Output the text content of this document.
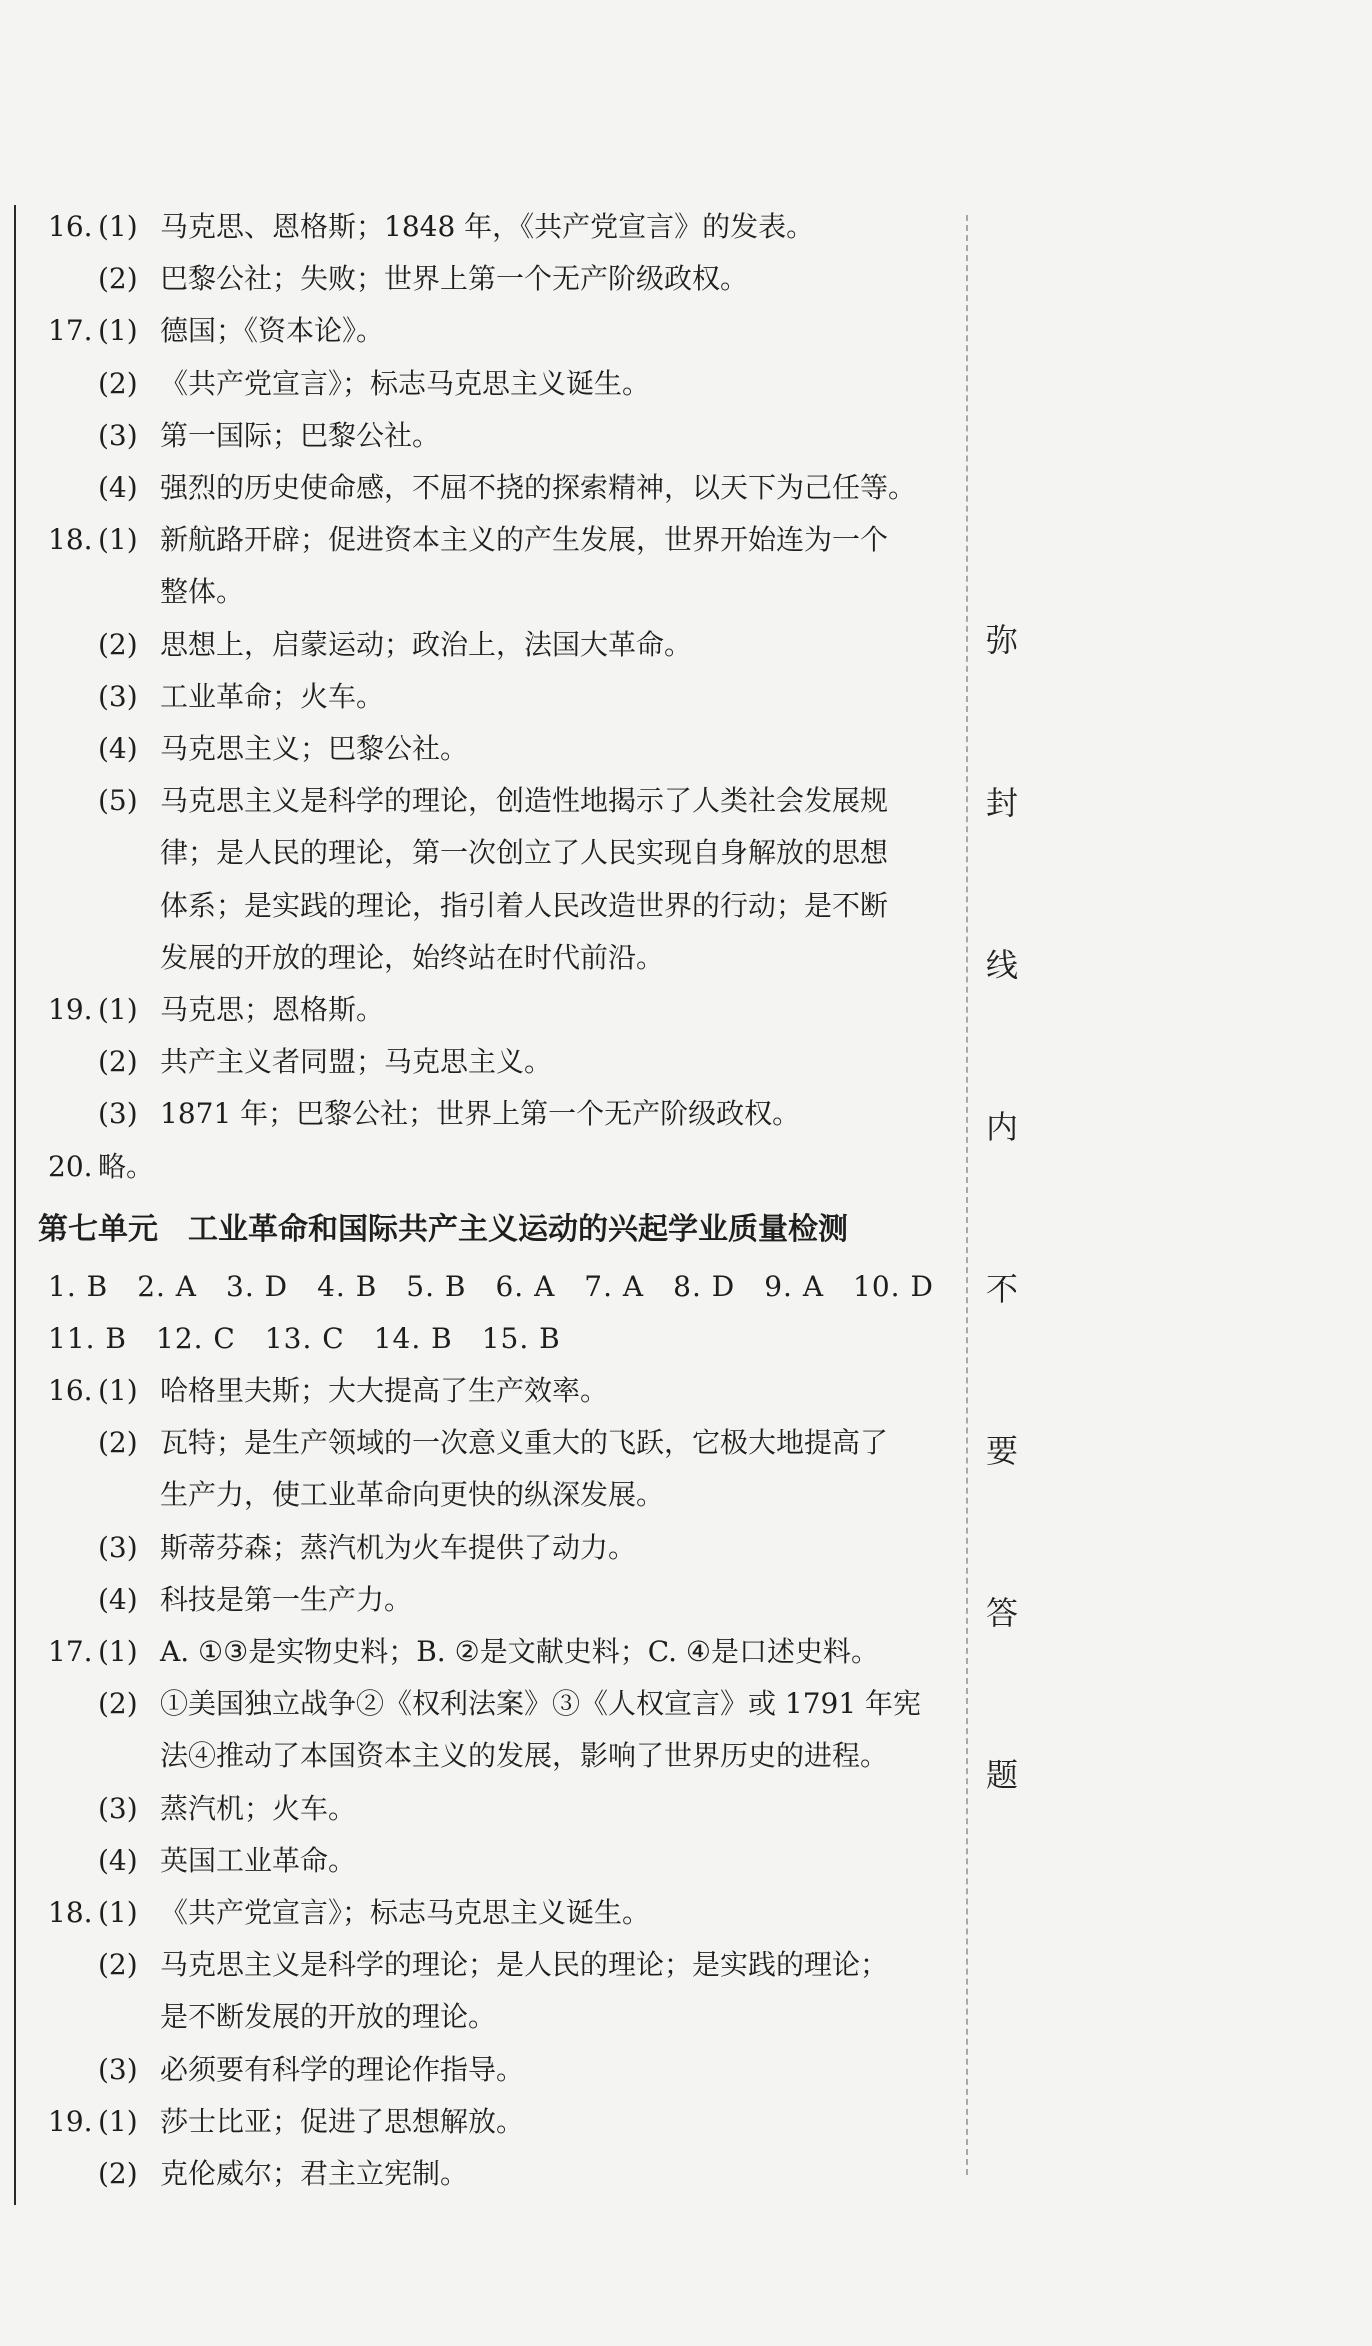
弥
封
线
内
不
要
答
题
第七单元　工业革命和国际共产主义运动的兴起学业质量检测
16. (1) 马克思、恩格斯；1848 年，《共产党宣言》的发表。
(2) 巴黎公社；失败；世界上第一个无产阶级政权。
17. (1) 德国；《资本论》。
(2) 《共产党宣言》；标志马克思主义诞生。
(3) 第一国际；巴黎公社。
(4) 强烈的历史使命感，不屈不挠的探索精神，以天下为己任等。
18. (1) 新航路开辟；促进资本主义的产生发展，世界开始连为一个
整体。
(2) 思想上，启蒙运动；政治上，法国大革命。
(3) 工业革命；火车。
(4) 马克思主义；巴黎公社。
(5) 马克思主义是科学的理论，创造性地揭示了人类社会发展规
律；是人民的理论，第一次创立了人民实现自身解放的思想
体系；是实践的理论，指引着人民改造世界的行动；是不断
发展的开放的理论，始终站在时代前沿。
19. (1) 马克思；恩格斯。
(2) 共产主义者同盟；马克思主义。
(3) 1871 年；巴黎公社；世界上第一个无产阶级政权。
20. 略。
1. B　2. A　3. D　4. B　5. B　6. A　7. A　8. D　9. A　10. D
11. B　12. C　13. C　14. B　15. B
16. (1) 哈格里夫斯；大大提高了生产效率。
(2) 瓦特；是生产领域的一次意义重大的飞跃，它极大地提高了
生产力，使工业革命向更快的纵深发展。
(3) 斯蒂芬森；蒸汽机为火车提供了动力。
(4) 科技是第一生产力。
17. (1) A. ①③是实物史料；B. ②是文献史料；C. ④是口述史料。
(2) ①美国独立战争②《权利法案》③《人权宣言》或 1791 年宪
法④推动了本国资本主义的发展，影响了世界历史的进程。
(3) 蒸汽机；火车。
(4) 英国工业革命。
18. (1) 《共产党宣言》；标志马克思主义诞生。
(2) 马克思主义是科学的理论；是人民的理论；是实践的理论；
是不断发展的开放的理论。
(3) 必须要有科学的理论作指导。
19. (1) 莎士比亚；促进了思想解放。
(2) 克伦威尔；君主立宪制。
